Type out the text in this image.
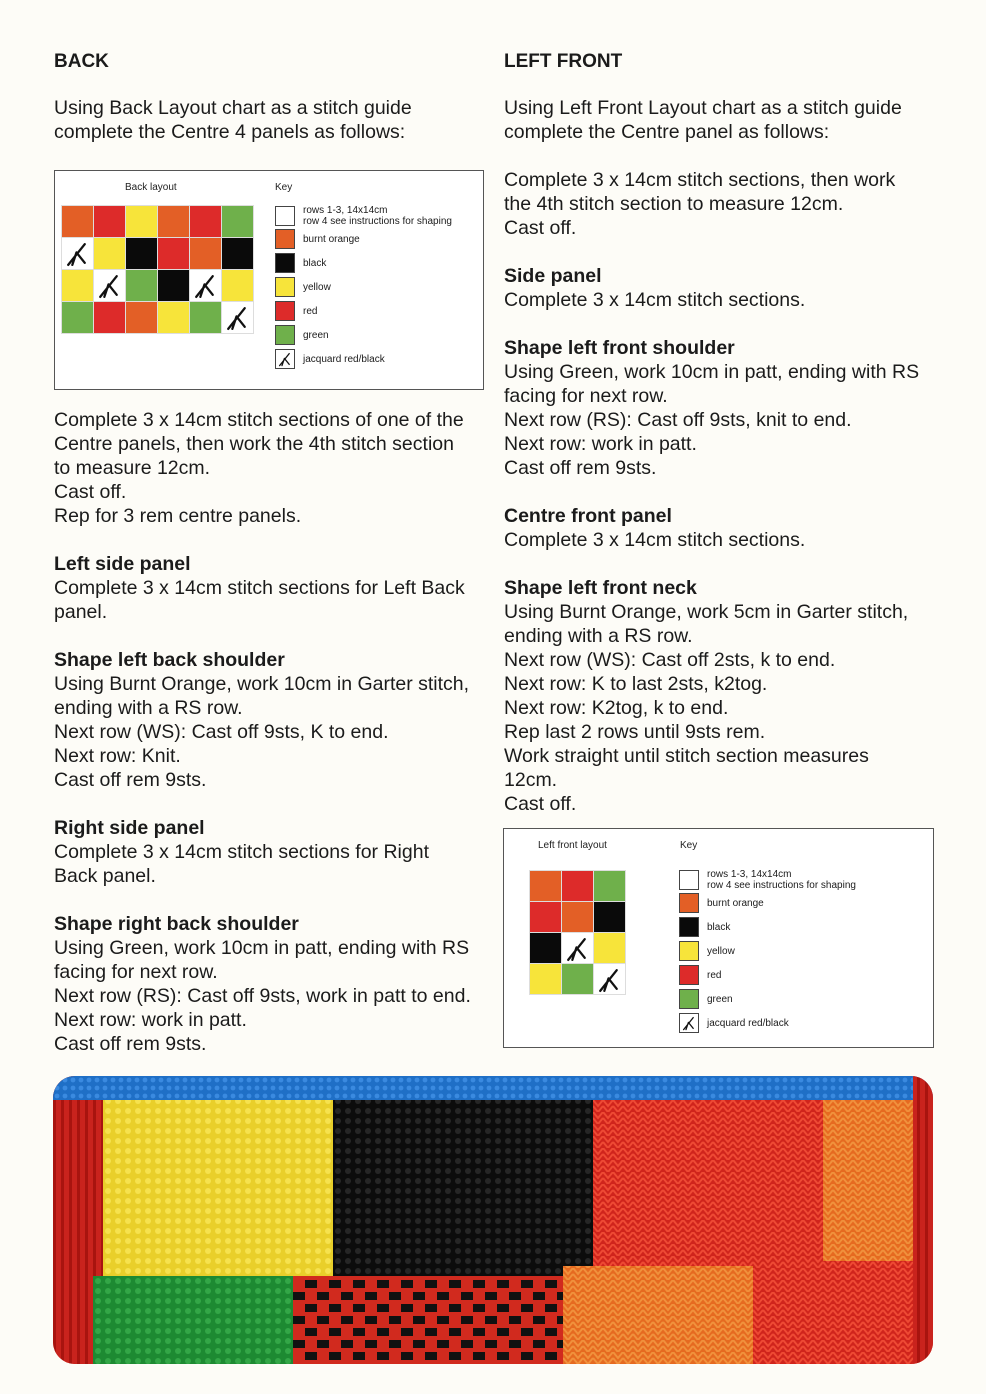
BACK

Using Back Layout chart as a stitch guide
complete the Centre 4 panels as follows:

Back layout	Key
rows 1-3, 14x14cm
row 4 see instructions for shaping
burnt orange
black
yellow
red
green
jacquard red/black

Complete 3 x 14cm stitch sections of one of the
Centre panels, then work the 4th stitch section
to measure 12cm.
Cast off.
Rep for 3 rem centre panels.

Left side panel
Complete 3 x 14cm stitch sections for Left Back
panel.

Shape left back shoulder
Using Burnt Orange, work 10cm in Garter stitch,
ending with a RS row.
Next row (WS): Cast off 9sts, K to end.
Next row: Knit.
Cast off rem 9sts.

Right side panel
Complete 3 x 14cm stitch sections for Right
Back panel.

Shape right back shoulder
Using Green, work 10cm in patt, ending with RS
facing for next row.
Next row (RS): Cast off 9sts, work in patt to end.
Next row: work in patt.
Cast off rem 9sts.

LEFT FRONT

Using Left Front Layout chart as a stitch guide
complete the Centre panel as follows:

Complete 3 x 14cm stitch sections, then work
the 4th stitch section to measure 12cm.
Cast off.

Side panel
Complete 3 x 14cm stitch sections.

Shape left front shoulder
Using Green, work 10cm in patt, ending with RS
facing for next row.
Next row (RS): Cast off 9sts, knit to end.
Next row: work in patt.
Cast off rem 9sts.

Centre front panel
Complete 3 x 14cm stitch sections.

Shape left front neck
Using Burnt Orange, work 5cm in Garter stitch,
ending with a RS row.
Next row (WS): Cast off 2sts, k to end.
Next row: K to last 2sts, k2tog.
Next row: K2tog, k to end.
Rep last 2 rows until 9sts rem.
Work straight until stitch section measures
12cm.
Cast off.

Left front layout	Key
rows 1-3, 14x14cm
row 4 see instructions for shaping
burnt orange
black
yellow
red
green
jacquard red/black
